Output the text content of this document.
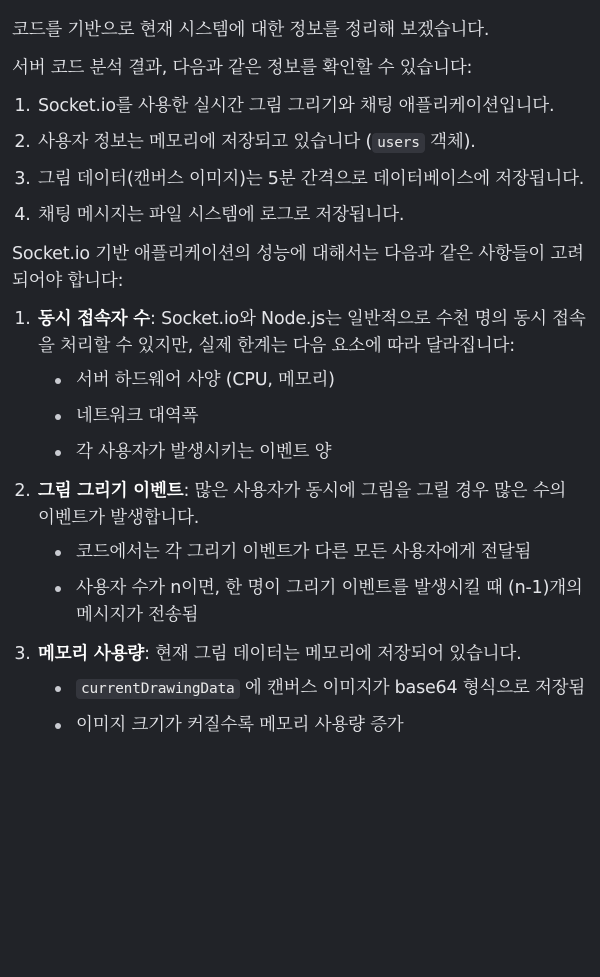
코드를 기반으로 현재 시스템에 대한 정보를 정리해 보겠습니다.

서버 코드 분석 결과, 다음과 같은 정보를 확인할 수 있습니다:

1. Socket.io를 사용한 실시간 그림 그리기와 채팅 애플리케이션입니다.
2. 사용자 정보는 메모리에 저장되고 있습니다 ( users 객체).
3. 그림 데이터(캔버스 이미지)는 5분 간격으로 데이터베이스에 저장됩니다.
4. 채팅 메시지는 파일 시스템에 로그로 저장됩니다.

Socket.io 기반 애플리케이션의 성능에 대해서는 다음과 같은 사항들이 고려되어야 합니다:

1. 동시 접속자 수: Socket.io와 Node.js는 일반적으로 수천 명의 동시 접속을 처리할 수 있지만, 실제 한계는 다음 요소에 따라 달라집니다:
서버 하드웨어 사양 (CPU, 메모리)
네트워크 대역폭
각 사용자가 발생시키는 이벤트 양
2. 그림 그리기 이벤트: 많은 사용자가 동시에 그림을 그릴 경우 많은 수의 이벤트가 발생합니다.
코드에서는 각 그리기 이벤트가 다른 모든 사용자에게 전달됨
사용자 수가 n이면, 한 명이 그리기 이벤트를 발생시킬 때 (n-1)개의 메시지가 전송됨
3. 메모리 사용량: 현재 그림 데이터는 메모리에 저장되어 있습니다.
currentDrawingData 에 캔버스 이미지가 base64 형식으로 저장됨
이미지 크기가 커질수록 메모리 사용량 증가
